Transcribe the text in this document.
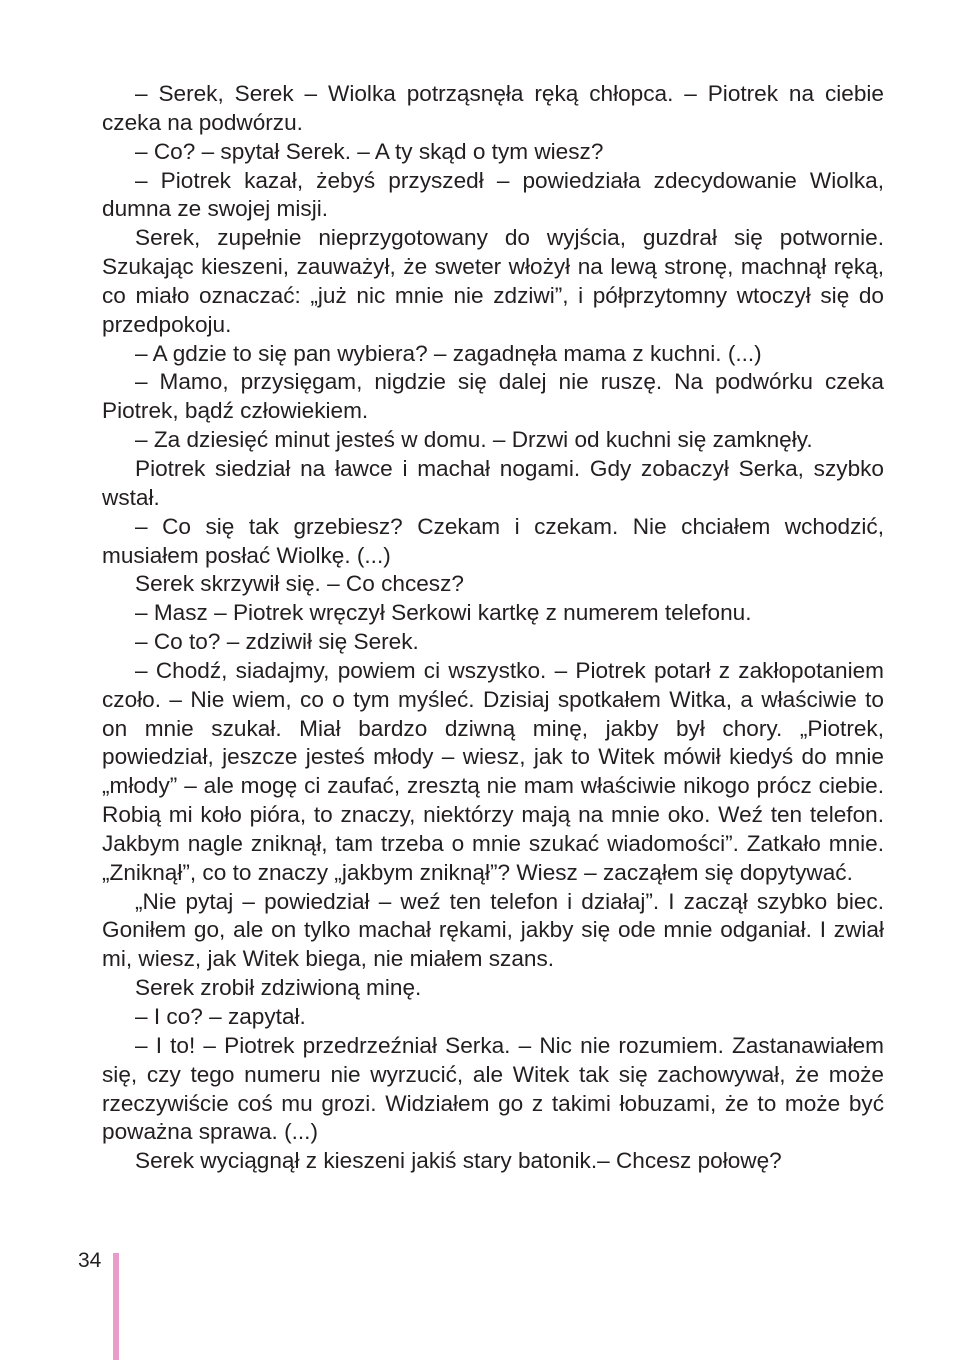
– Serek, Serek – Wiolka potrząsnęła ręką chłopca. – Piotrek na ciebie czeka na podwórzu.

– Co? – spytał Serek. – A ty skąd o tym wiesz?

– Piotrek kazał, żebyś przyszedł – powiedziała zdecydowanie Wiolka, dumna ze swojej misji.

Serek, zupełnie nieprzygotowany do wyjścia, guzdrał się potwornie. Szukając kieszeni, zauważył, że sweter włożył na lewą stronę, machnął ręką, co miało oznaczać: „już nic mnie nie zdziwi”, i półprzytomny wtoczył się do przedpokoju.

– A gdzie to się pan wybiera? – zagadnęła mama z kuchni. (...)

– Mamo, przysięgam, nigdzie się dalej nie ruszę. Na podwórku czeka Piotrek, bądź człowiekiem.

– Za dziesięć minut jesteś w domu. – Drzwi od kuchni się zamknęły.

Piotrek siedział na ławce i machał nogami. Gdy zobaczył Serka, szybko wstał.

– Co się tak grzebiesz? Czekam i czekam. Nie chciałem wchodzić, musiałem posłać Wiolkę. (...)

Serek skrzywił się. – Co chcesz?

– Masz – Piotrek wręczył Serkowi kartkę z numerem telefonu.

– Co to? – zdziwił się Serek.

– Chodź, siadajmy, powiem ci wszystko. – Piotrek potarł z zakłopotaniem czoło. – Nie wiem, co o tym myśleć. Dzisiaj spotkałem Witka, a właściwie to on mnie szukał. Miał bardzo dziwną minę, jakby był chory. „Piotrek, powiedział, jeszcze jesteś młody – wiesz, jak to Witek mówił kiedyś do mnie „młody” – ale mogę ci zaufać, zresztą nie mam właściwie nikogo prócz ciebie. Robią mi koło pióra, to znaczy, niektórzy mają na mnie oko. Weź ten telefon. Jakbym nagle zniknął, tam trzeba o mnie szukać wiadomości”. Zatkało mnie. „Zniknął”, co to znaczy „jakbym zniknął”? Wiesz – zacząłem się dopytywać.

„Nie pytaj – powiedział – weź ten telefon i działaj”. I zaczął szybko biec. Goniłem go, ale on tylko machał rękami, jakby się ode mnie odganiał. I zwiał mi, wiesz, jak Witek biega, nie miałem szans.

Serek zrobił zdziwioną minę.

– I co? – zapytał.

– I to! – Piotrek przedrzeźniał Serka. – Nic nie rozumiem. Zastanawiałem się, czy tego numeru nie wyrzucić, ale Witek tak się zachowywał, że może rzeczywiście coś mu grozi. Widziałem go z takimi łobuzami, że to może być poważna sprawa. (...)

Serek wyciągnął z kieszeni jakiś stary batonik.– Chcesz połowę?

34
